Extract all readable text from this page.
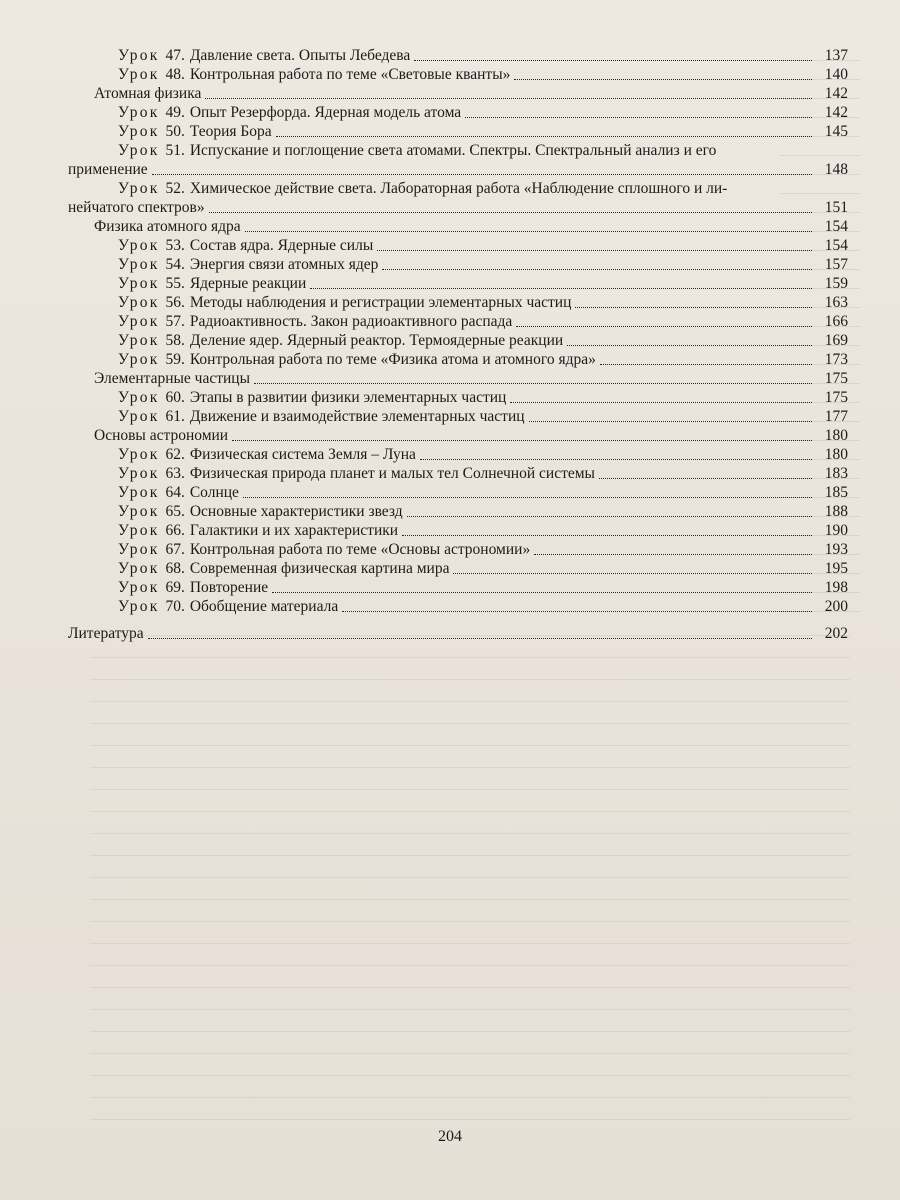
Урок 47. Давление света. Опыты Лебедева	137
Урок 48. Контрольная работа по теме «Световые кванты»	140
Атомная физика	142
Урок 49. Опыт Резерфорда. Ядерная модель атома	142
Урок 50. Теория Бора	145
Урок 51. Испускание и поглощение света атомами. Спектры. Спектральный анализ и его
применение	148
Урок 52. Химическое действие света. Лабораторная работа «Наблюдение сплошного и ли-
нейчатого спектров»	151
Физика атомного ядра	154
Урок 53. Состав ядра. Ядерные силы	154
Урок 54. Энергия связи атомных ядер	157
Урок 55. Ядерные реакции	159
Урок 56. Методы наблюдения и регистрации элементарных частиц	163
Урок 57. Радиоактивность. Закон радиоактивного распада	166
Урок 58. Деление ядер. Ядерный реактор. Термоядерные реакции	169
Урок 59. Контрольная работа по теме «Физика атома и атомного ядра»	173
Элементарные частицы	175
Урок 60. Этапы в развитии физики элементарных частиц	175
Урок 61. Движение и взаимодействие элементарных частиц	177
Основы астрономии	180
Урок 62. Физическая система Земля – Луна	180
Урок 63. Физическая природа планет и малых тел Солнечной системы	183
Урок 64. Солнце	185
Урок 65. Основные характеристики звезд	188
Урок 66. Галактики и их характеристики	190
Урок 67. Контрольная работа по теме «Основы астрономии»	193
Урок 68. Современная физическая картина мира	195
Урок 69. Повторение	198
Урок 70. Обобщение материала	200
Литература	202
204
